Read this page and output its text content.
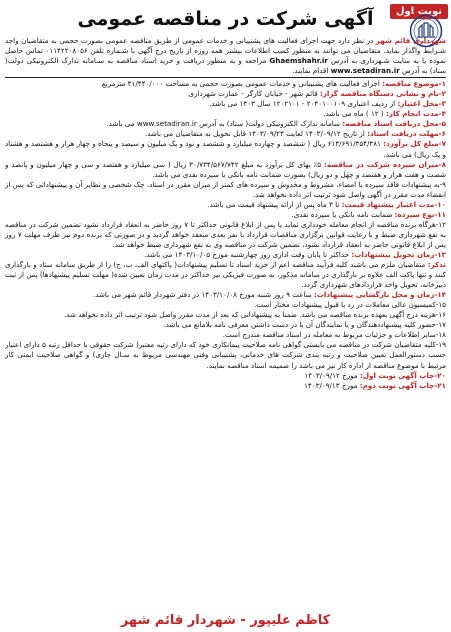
نوبت اول
آگهی شرکت در مناقصه عمومی

شهرداری قائم شهر در نظر دارد جهت اجرای فعالیت های پشتیبانی و خدمات عمومی از طریق مناقصه عمومی بصورت حجمی به متقاضیان واجد شـرایط واگذار نماید. متقاضیان می توانند به منظور کسب اطلاعات بیشتر همه روزه از تاریخ درج آگهی با شـماره تلفن ۰۱۱۴۲۲۰۸۰۵۶ تماس حاصل نموده یا به سایت شـهرداری به آدرس Ghaemshahr.ir مراجعه و به منظور دریافت و خرید اسناد مناقصه به سـامانه تدارک الکترونیکی دولت( ستاد) به آدرس www.setadiran.ir اقدام نمایند.

۱-موضوع مناقصه: اجرای فعالیت های پشتیبانی و خدمات عمومی بصورت حجمی به مساحت ۴۱/۴۴۰/۰۰۰ مترمربع

۲-نام و نشانی دستگاه مناقصه گزار: قائم شهر - خیابان کارگر - عمارت شهرداری

۳-محل اعتبار: از ردیف اعتباری ۲۰۴۰۱۰۰۱۰۹ - ۱۲۰۲۱۰۱ سال ۱۴۰۳ می باشد.

۴-مدت انجام کار: ( ۱۲ ) ماه می باشد.

۵-محل دریافت اسناد مناقصه: سامانه تدارک الکترونیکی دولت( ستاد) به آدرس www.setadiran.ir می باشد.

۶-مهلت دریافت اسناد: از تاریخ ۱۴۰۳/۰۹/۱۲ لغایت ۱۴۰۳/۰۹/۲۴ قابل تحویل به متقاضیان می باشد.

۷-مبلغ کل برآورد: ۶۱۴/۶۹۱/۳۵۴/۴۸۱ ریال ( ششصد و چهارده میلیارد و ششصد و نود و یک میلیون و سیصد و پنجاه و چهار هزار و هشتصد و هشتاد و یک ریال) می باشد.

۸-میزان سپرده شرکت در مناقصه: ۵٪ بهای کل برآورد به مبلغ ۳۰/۷۳۴/۵۶۷/۷۴۲ ریال ( سی میلیارد و هفتصد و سی و چهار میلیون و پانصد و شصت و هفت هزار و هفتصد و چهل و دو ریال) بصورت ضمانت نامه بانکی یا سپرده نقدی می باشد.

۹-به پیشنهادات فاقد سپرده یا امضاء، مشروط و مخدوش و سپرده های کمتر از میزان مقرر در اسناد، چک شخصی و نظایر آن و پیشنهاداتی که پس از انقضاء مدت مقرر در آگهی واصل شود ترتیب اثر داده نخواهد شد.

۱۰-مدت اعتبار پیشنهاد قیمت: تا ۳ ماه پس از ارائه پیشنهاد قیمت می باشد.

۱۱-نوع سپرده: ضمانت نامه بانکی یا سپرده نقدی.

۱۲-هرگاه برنده مناقصه از انجام معامله خودداری نماید یا پس از ابلاغ قانونی حداکثر تا ۷ روز حاضر به انعقاد قرارداد نشود تضمین شرکت در مناقصه به نفع شهرداری ضبط و با رعایت قوانین برگزاری مناقصات قرارداد با نفر بعدی منعقد خواهد گردید و در صورتی که برنده دوم نیز ظرف مهلت ۷ روز پس از ابلاغ قانونی حاضر به انعقاد قرارداد نشود، تضمین شرکت در مناقصه وی به نفع شهرداری ضبط خواهد شد.

۱۳-زمان تحویل پیشنهادات: حداکثر تا پایان وقت اداری روز چهارشنبه مورخ ۱۴۰۳/۱۰/۰۵ می باشد.

تذکر: متقاضیان ملزم می باشند کلیه فرآیند مناقصه اعم از خرید اسناد تا تسلیم پیشنهادات( پاکتهای الف، ب، ج) را از طریق سامانه ستاد و بارگذاری کنند و تنها پاکت الف علاوه بر بارگذاری در سامانه مذکور، به صورت فیزیکی نیز حداکثر در مدت زمان تعیین شده( مهلت تسلیم پیشنهادها) پس از ثبت دبیرخانه، تحویل واحد قراردادهای شهرداری گردد.

۱۴-زمان و محل بازگشایی پیشنهادات: ساعت ۹ روز شنبه مورخ ۱۴۰۳/۱۰/۰۸ در دفتر شهردار قائم شهر می باشد.

۱۵-کمیسیون عالی معاملات در رد یا قبول پیشنهادات مختار است.

۱۶-هزینه درج آگهی بعهده برنده مناقصه می باشد. ضمنا به پیشنهاداتی که بعد از مدت مقرر واصل شود ترتیب اثر داده نخواهد شد.

۱۷-حضور کلیه پیشنهاددهندگان و یا نمایندگان آن با در دست داشتن معرفی نامه بلامانع می باشد.

۱۸-سایر اطلاعات و جزئیات مربوط به معامله در اسناد مناقصه مندرج است.

۱۹-کلیه متقاضیان شرکت در مناقصه می بایستی گواهی نامه صلاحیت پیمانکاری خود که دارای رتبه معتبر( شرکت حقوقی با حداقل رتبه ۵ دارای اعتبار حسب دستورالعمل تعیین صلاحیت و رتبه بندی شرکت های خدماتی، پشتیبانی وفنی مهندسی مربوط به سـال جاری) و گواهی صلاحیت ایمنی کار مرتبط با موضوع مناقصه از اداره کار نیز می باشد را ضمیمه اسناد مناقصه نمایند.

۲۰-چاپ آگهی نوبت اول: مورخ ۱۴۰۳/۰۹/۱۲

۲۱-چاپ آگهی نوبت دوم: مورخ ۱۴۰۳/۰۹/۱۳

کاظم علیپور - شهردار قائم شهر
